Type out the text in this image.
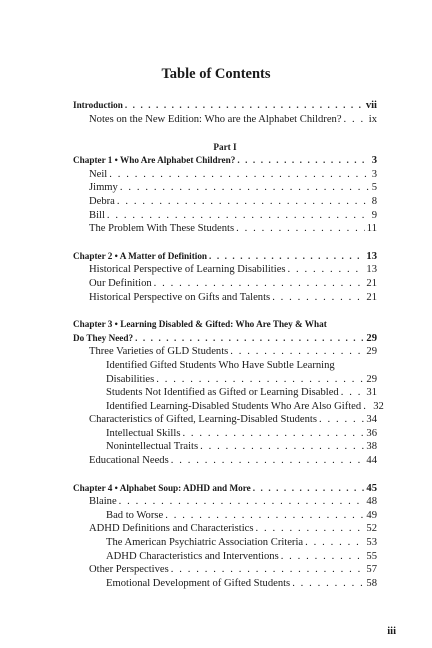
Table of Contents
Introduction . . .	vii
Notes on the New Edition: Who are the Alphabet Children? . . .	ix
Part I
Chapter 1 • Who Are Alphabet Children? . . .	3
Neil . . .	3
Jimmy . . .	5
Debra . . .	8
Bill . . .	9
The Problem With These Students . . .	11
Chapter 2 • A Matter of Definition . . .	13
Historical Perspective of Learning Disabilities . . .	13
Our Definition . . .	21
Historical Perspective on Gifts and Talents . . .	21
Chapter 3 • Learning Disabled & Gifted: Who Are They & What
Do They Need? . . .	29
Three Varieties of GLD Students . . .	29
Identified Gifted Students Who Have Subtle Learning
Disabilities . . .	29
Students Not Identified as Gifted or Learning Disabled . . .	31
Identified Learning-Disabled Students Who Are Also Gifted . . . 32
Characteristics of Gifted, Learning-Disabled Students . . .	34
Intellectual Skills . . .	36
Nonintellectual Traits . . .	38
Educational Needs . . .	44
Chapter 4 • Alphabet Soup: ADHD and More . . .	45
Blaine . . .	48
Bad to Worse . . .	49
ADHD Definitions and Characteristics . . .	52
The American Psychiatric Association Criteria . . .	53
ADHD Characteristics and Interventions . . .	55
Other Perspectives . . .	57
Emotional Development of Gifted Students . . .	58
iii
